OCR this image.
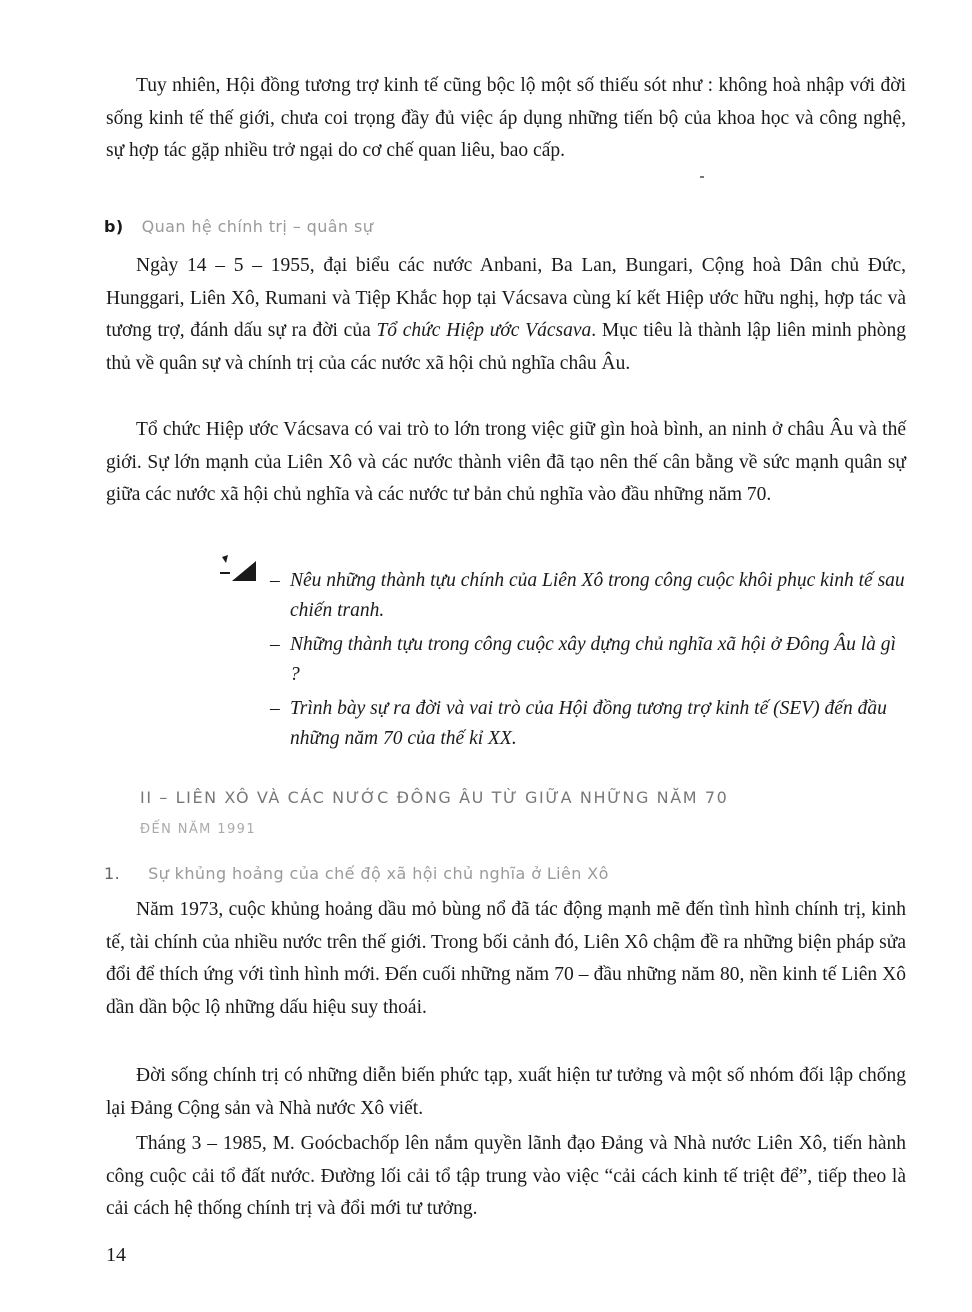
Tuy nhiên, Hội đồng tương trợ kinh tế cũng bộc lộ một số thiếu sót như : không hoà nhập với đời sống kinh tế thế giới, chưa coi trọng đầy đủ việc áp dụng những tiến bộ của khoa học và công nghệ, sự hợp tác gặp nhiều trở ngại do cơ chế quan liêu, bao cấp.

b) Quan hệ chính trị – quân sự

Ngày 14 – 5 – 1955, đại biểu các nước Anbani, Ba Lan, Bungari, Cộng hoà Dân chủ Đức, Hunggari, Liên Xô, Rumani và Tiệp Khắc họp tại Vácsava cùng kí kết Hiệp ước hữu nghị, hợp tác và tương trợ, đánh dấu sự ra đời của Tổ chức Hiệp ước Vácsava. Mục tiêu là thành lập liên minh phòng thủ về quân sự và chính trị của các nước xã hội chủ nghĩa châu Âu.

Tổ chức Hiệp ước Vácsava có vai trò to lớn trong việc giữ gìn hoà bình, an ninh ở châu Âu và thế giới. Sự lớn mạnh của Liên Xô và các nước thành viên đã tạo nên thế cân bằng về sức mạnh quân sự giữa các nước xã hội chủ nghĩa và các nước tư bản chủ nghĩa vào đầu những năm 70.

– Nêu những thành tựu chính của Liên Xô trong công cuộc khôi phục kinh tế sau chiến tranh.
– Những thành tựu trong công cuộc xây dựng chủ nghĩa xã hội ở Đông Âu là gì ?
– Trình bày sự ra đời và vai trò của Hội đồng tương trợ kinh tế (SEV) đến đầu những năm 70 của thế kỉ XX.
II – LIÊN XÔ VÀ CÁC NƯỚC ĐÔNG ÂU TỪ GIỮA NHỮNG NĂM 70
ĐẾN NĂM 1991
1. Sự khủng hoảng của chế độ xã hội chủ nghĩa ở Liên Xô

Năm 1973, cuộc khủng hoảng dầu mỏ bùng nổ đã tác động mạnh mẽ đến tình hình chính trị, kinh tế, tài chính của nhiều nước trên thế giới. Trong bối cảnh đó, Liên Xô chậm đề ra những biện pháp sửa đổi để thích ứng với tình hình mới. Đến cuối những năm 70 – đầu những năm 80, nền kinh tế Liên Xô dần dần bộc lộ những dấu hiệu suy thoái.

Đời sống chính trị có những diễn biến phức tạp, xuất hiện tư tưởng và một số nhóm đối lập chống lại Đảng Cộng sản và Nhà nước Xô viết.

Tháng 3 – 1985, M. Goócbachốp lên nắm quyền lãnh đạo Đảng và Nhà nước Liên Xô, tiến hành công cuộc cải tổ đất nước. Đường lối cải tổ tập trung vào việc “cải cách kinh tế triệt để”, tiếp theo là cải cách hệ thống chính trị và đổi mới tư tưởng.

14
